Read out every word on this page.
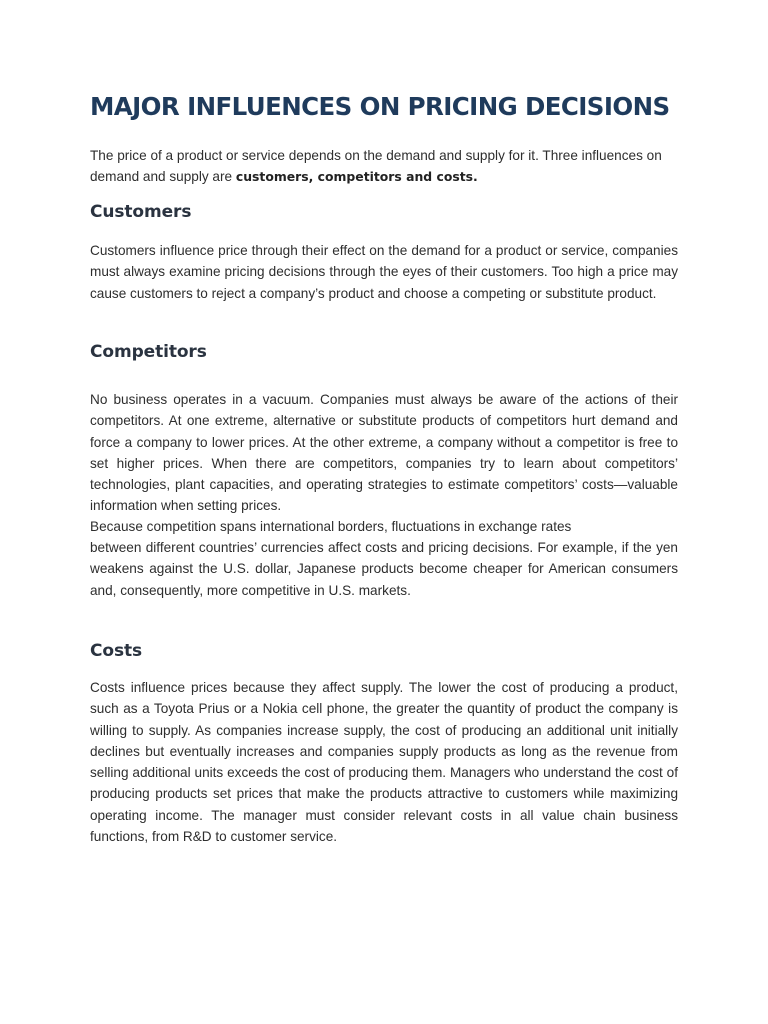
MAJOR INFLUENCES ON PRICING DECISIONS

The price of a product or service depends on the demand and supply for it. Three influences on demand and supply are customers, competitors and costs.

Customers

Customers influence price through their effect on the demand for a product or service, companies must always examine pricing decisions through the eyes of their customers. Too high a price may cause customers to reject a company’s product and choose a competing or substitute product.

Competitors

No business operates in a vacuum. Companies must always be aware of the actions of their competitors. At one extreme, alternative or substitute products of competitors hurt demand and force a company to lower prices. At the other extreme, a company without a competitor is free to set higher prices. When there are competitors, companies try to learn about competitors’ technologies, plant capacities, and operating strategies to estimate competitors’ costs—valuable information when setting prices.

Because competition spans international borders, fluctuations in exchange rates

between different countries’ currencies affect costs and pricing decisions. For example, if the yen weakens against the U.S. dollar, Japanese products become cheaper for American consumers and, consequently, more competitive in U.S. markets.

Costs

Costs influence prices because they affect supply. The lower the cost of producing a product, such as a Toyota Prius or a Nokia cell phone, the greater the quantity of product the company is willing to supply. As companies increase supply, the cost of producing an additional unit initially declines but eventually increases and companies supply products as long as the revenue from selling additional units exceeds the cost of producing them. Managers who understand the cost of producing products set prices that make the products attractive to customers while maximizing operating income. The manager must consider relevant costs in all value chain business functions, from R&D to customer service.
